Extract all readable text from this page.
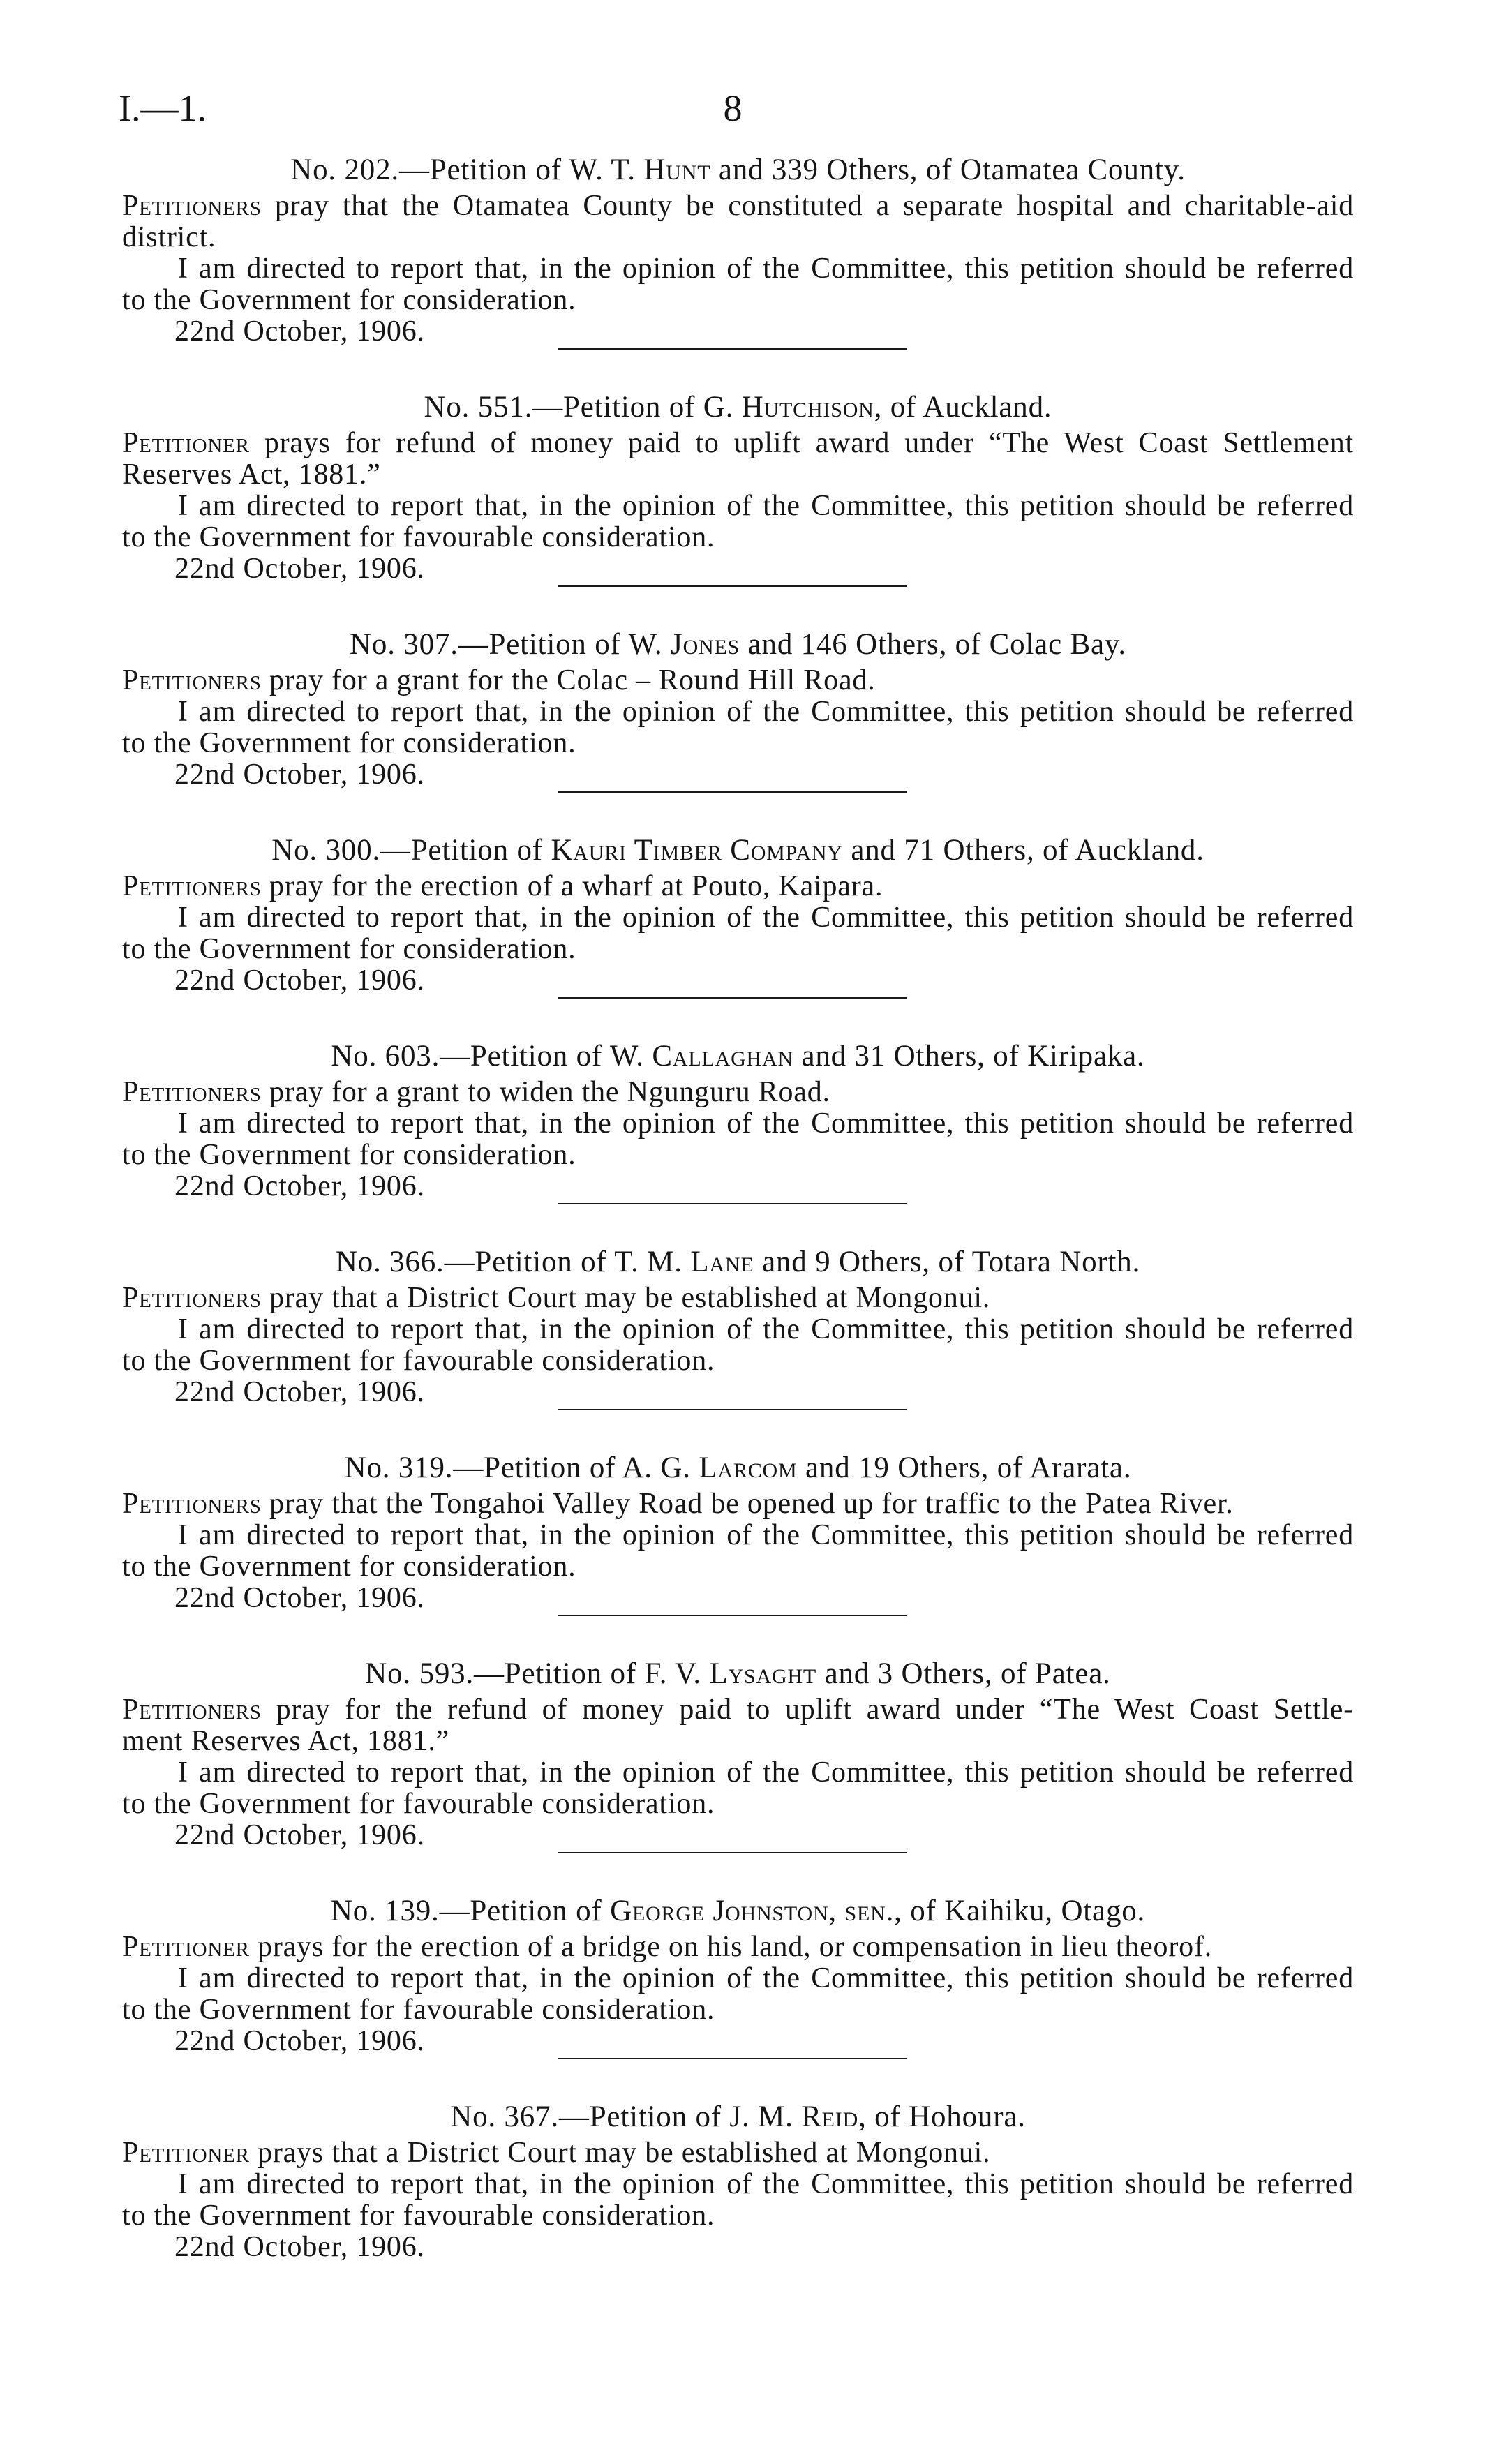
I.—1.	8
No. 202.—Petition of W. T. Hunt and 339 Others, of Otamatea County.
Petitioners pray that the Otamatea County be constituted a separate hospital and charitable-aid
district.
I am directed to report that, in the opinion of the Committee, this petition should be referred
to the Government for consideration.
22nd October, 1906.
No. 551.—Petition of G. Hutchison, of Auckland.
Petitioner prays for refund of money paid to uplift award under “The West Coast Settlement
Reserves Act, 1881.”
I am directed to report that, in the opinion of the Committee, this petition should be referred
to the Government for favourable consideration.
22nd October, 1906.
No. 307.—Petition of W. Jones and 146 Others, of Colac Bay.
Petitioners pray for a grant for the Colac – Round Hill Road.
I am directed to report that, in the opinion of the Committee, this petition should be referred
to the Government for consideration.
22nd October, 1906.
No. 300.—Petition of Kauri Timber Company and 71 Others, of Auckland.
Petitioners pray for the erection of a wharf at Pouto, Kaipara.
I am directed to report that, in the opinion of the Committee, this petition should be referred
to the Government for consideration.
22nd October, 1906.
No. 603.—Petition of W. Callaghan and 31 Others, of Kiripaka.
Petitioners pray for a grant to widen the Ngunguru Road.
I am directed to report that, in the opinion of the Committee, this petition should be referred
to the Government for consideration.
22nd October, 1906.
No. 366.—Petition of T. M. Lane and 9 Others, of Totara North.
Petitioners pray that a District Court may be established at Mongonui.
I am directed to report that, in the opinion of the Committee, this petition should be referred
to the Government for favourable consideration.
22nd October, 1906.
No. 319.—Petition of A. G. Larcom and 19 Others, of Ararata.
Petitioners pray that the Tongahoi Valley Road be opened up for traffic to the Patea River.
I am directed to report that, in the opinion of the Committee, this petition should be referred
to the Government for consideration.
22nd October, 1906.
No. 593.—Petition of F. V. Lysaght and 3 Others, of Patea.
Petitioners pray for the refund of money paid to uplift award under “The West Coast Settle-
ment Reserves Act, 1881.”
I am directed to report that, in the opinion of the Committee, this petition should be referred
to the Government for favourable consideration.
22nd October, 1906.
No. 139.—Petition of George Johnston, sen., of Kaihiku, Otago.
Petitioner prays for the erection of a bridge on his land, or compensation in lieu theorof.
I am directed to report that, in the opinion of the Committee, this petition should be referred
to the Government for favourable consideration.
22nd October, 1906.
No. 367.—Petition of J. M. Reid, of Hohoura.
Petitioner prays that a District Court may be established at Mongonui.
I am directed to report that, in the opinion of the Committee, this petition should be referred
to the Government for favourable consideration.
22nd October, 1906.
